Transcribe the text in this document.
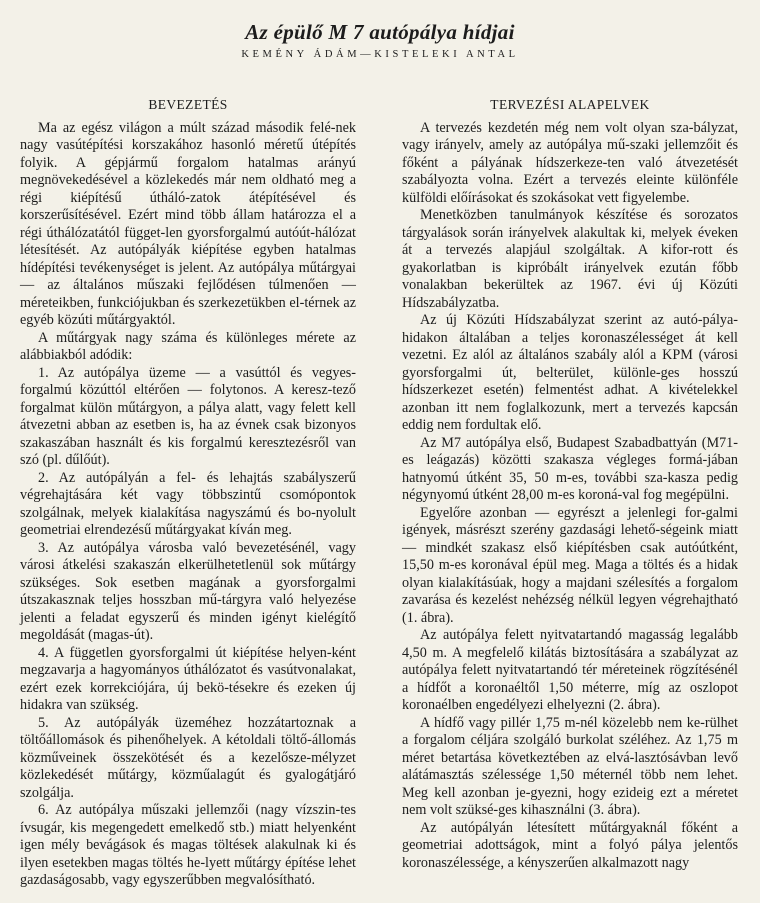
Az épülő M 7 autópálya hídjai
KEMÉNY ÁDÁM—KISTELEKI ANTAL
BEVEZETÉS

Ma az egész világon a múlt század második felé-nek nagy vasútépítési korszakához hasonló méretű útépítés folyik. A gépjármű forgalom hatalmas arányú megnövekedésével a közlekedés már nem oldható meg a régi kiépítésű útháló-zatok átépítésével és korszerűsítésével. Ezért mind több állam határozza el a régi úthálózatától függet-len gyorsforgalmú autóút-hálózat létesítését. Az autópályák kiépítése egyben hatalmas hídépítési tevékenységet is jelent. Az autópálya műtárgyai — az általános műszaki fejlődésen túlmenően — méreteikben, funkciójukban és szerkezetükben el-térnek az egyéb közúti műtárgyaktól.

A műtárgyak nagy száma és különleges mérete az alábbiakból adódik:

1. Az autópálya üzeme — a vasúttól és vegyes-forgalmú közúttól eltérően — folytonos. A keresz-tező forgalmat külön műtárgyon, a pálya alatt, vagy felett kell átvezetni abban az esetben is, ha az évnek csak bizonyos szakaszában használt és kis forgalmú keresztezésről van szó (pl. dűlőút).

2. Az autópályán a fel- és lehajtás szabályszerű végrehajtására két vagy többszintű csomópontok szolgálnak, melyek kialakítása nagyszámú és bo-nyolult geometriai elrendezésű műtárgyakat kíván meg.

3. Az autópálya városba való bevezetésénél, vagy városi átkelési szakaszán elkerülhetetlenül sok műtárgy szükséges. Sok esetben magának a gyorsforgalmi útszakasznak teljes hosszban mű-tárgyra való helyezése jelenti a feladat egyszerű és minden igényt kielégítő megoldását (magas-út).

4. A független gyorsforgalmi út kiépítése helyen-ként megzavarja a hagyományos úthálózatot és vasútvonalakat, ezért ezek korrekciójára, új bekö-tésekre és ezeken új hidakra van szükség.

5. Az autópályák üzeméhez hozzátartoznak a töltőállomások és pihenőhelyek. A kétoldali töltő-állomás közműveinek összekötését és a kezelősze-mélyzet közlekedését műtárgy, közműalagút és gyalogátjáró szolgálja.

6. Az autópálya műszaki jellemzői (nagy vízszin-tes ívsugár, kis megengedett emelkedő stb.) miatt helyenként igen mély bevágások és magas töltések alakulnak ki és ilyen esetekben magas töltés he-lyett műtárgy építése lehet gazdaságosabb, vagy egyszerűbben megvalósítható.

TERVEZÉSI ALAPELVEK

A tervezés kezdetén még nem volt olyan sza-bályzat, vagy irányelv, amely az autópálya mű-szaki jellemzőit és főként a pályának hídszerkeze-ten való átvezetését szabályozta volna. Ezért a tervezés eleinte különféle külföldi előírásokat és szokásokat vett figyelembe.

Menetközben tanulmányok készítése és sorozatos tárgyalások során irányelvek alakultak ki, melyek éveken át a tervezés alapjául szolgáltak. A kifor-rott és gyakorlatban is kipróbált irányelvek ezután főbb vonalakban bekerültek az 1967. évi új Közúti Hídszabályzatba.

Az új Közúti Hídszabályzat szerint az autó-pálya-hidakon általában a teljes koronaszélességet át kell vezetni. Ez alól az általános szabály alól a KPM (városi gyorsforgalmi út, belterület, különle-ges hosszú hídszerkezet esetén) felmentést adhat. A kivételekkel azonban itt nem foglalkozunk, mert a tervezés kapcsán eddig nem fordultak elő.

Az M7 autópálya első, Budapest Szabadbattyán (M71-es leágazás) közötti szakasza végleges formá-jában hatnyomú útként 35, 50 m-es, további sza-kasza pedig négynyomú útként 28,00 m-es koroná-val fog megépülni.

Egyelőre azonban — egyrészt a jelenlegi for-galmi igények, másrészt szerény gazdasági lehető-ségeink miatt — mindkét szakasz első kiépítésben csak autóútként, 15,50 m-es koronával épül meg. Maga a töltés és a hidak olyan kialakításúak, hogy a majdani szélesítés a forgalom zavarása és kezelést nehézség nélkül legyen végrehajtható (1. ábra).

Az autópálya felett nyitvatartandó magasság legalább 4,50 m. A megfelelő kilátás biztosítására a szabályzat az autópálya felett nyitvatartandó tér méreteinek rögzítésénél a hídfőt a koronaéltől 1,50 méterre, míg az oszlopot koronaélben engedélyezi elhelyezni (2. ábra).

A hídfő vagy pillér 1,75 m-nél közelebb nem ke-rülhet a forgalom céljára szolgáló burkolat széléhez. Az 1,75 m méret betartása következtében az elvá-lasztósávban levő alátámasztás szélessége 1,50 méternél több nem lehet. Meg kell azonban je-gyezni, hogy ezideig ezt a méretet nem volt szüksé-ges kihasználni (3. ábra).

Az autópályán létesített műtárgyaknál főként a geometriai adottságok, mint a folyó pálya jelentős koronaszélessége, a kényszerűen alkalmazott nagy
